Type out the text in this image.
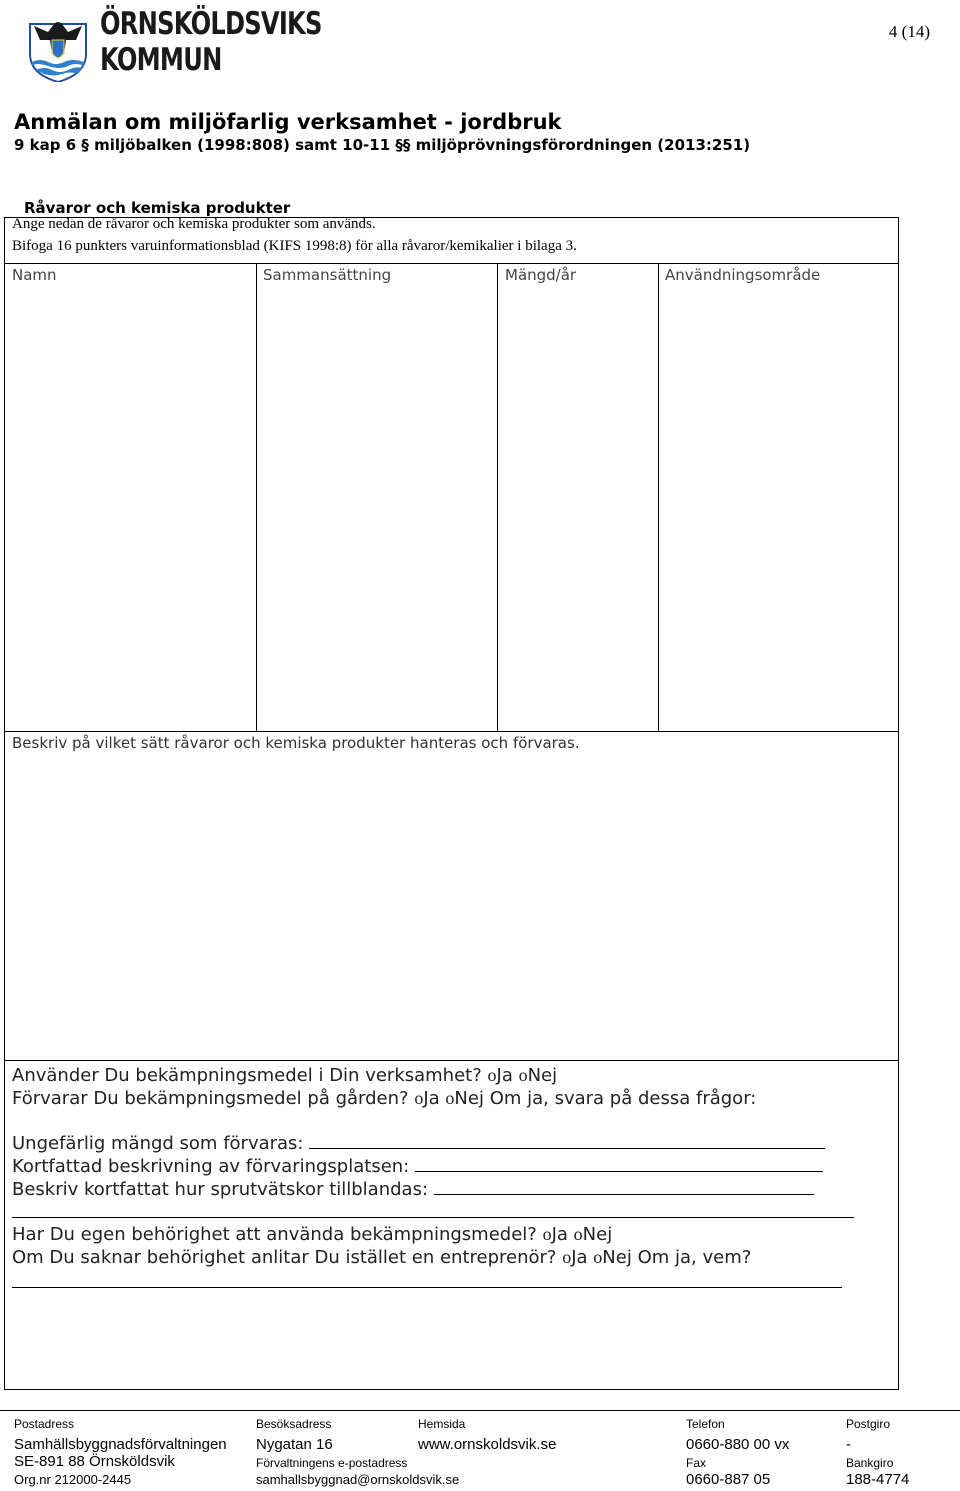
ÖRNSKÖLDSVIKS
KOMMUN
4 (14)
Anmälan om miljöfarlig verksamhet - jordbruk
9 kap 6 § miljöbalken (1998:808) samt 10-11 §§ miljöprövningsförordningen (2013:251)
Råvaror och kemiska produkter
Ange nedan de råvaror och kemiska produkter som används.
Bifoga 16 punkters varuinformationsblad (KIFS 1998:8) för alla råvaror/kemikalier i bilaga 3.
Namn	Sammansättning	Mängd/år	Användningsområde
Beskriv på vilket sätt råvaror och kemiska produkter hanteras och förvaras.
Använder Du bekämpningsmedel i Din verksamhet? oJa oNej
Förvarar Du bekämpningsmedel på gården? oJa oNej Om ja, svara på dessa frågor:
Ungefärlig mängd som förvaras:
Kortfattad beskrivning av förvaringsplatsen:
Beskriv kortfattat hur sprutvätskor tillblandas:
Har Du egen behörighet att använda bekämpningsmedel? oJa oNej
Om Du saknar behörighet anlitar Du istället en entreprenör? oJa oNej Om ja, vem?
Postadress
Samhällsbyggnadsförvaltningen
SE-891 88 Örnsköldsvik
Org.nr 212000-2445
Besöksadress
Nygatan 16
Förvaltningens e-postadress
samhallsbyggnad@ornskoldsvik.se
Hemsida
www.ornskoldsvik.se
Telefon
0660-880 00 vx
Fax
0660-887 05
Postgiro
-
Bankgiro
188-4774
